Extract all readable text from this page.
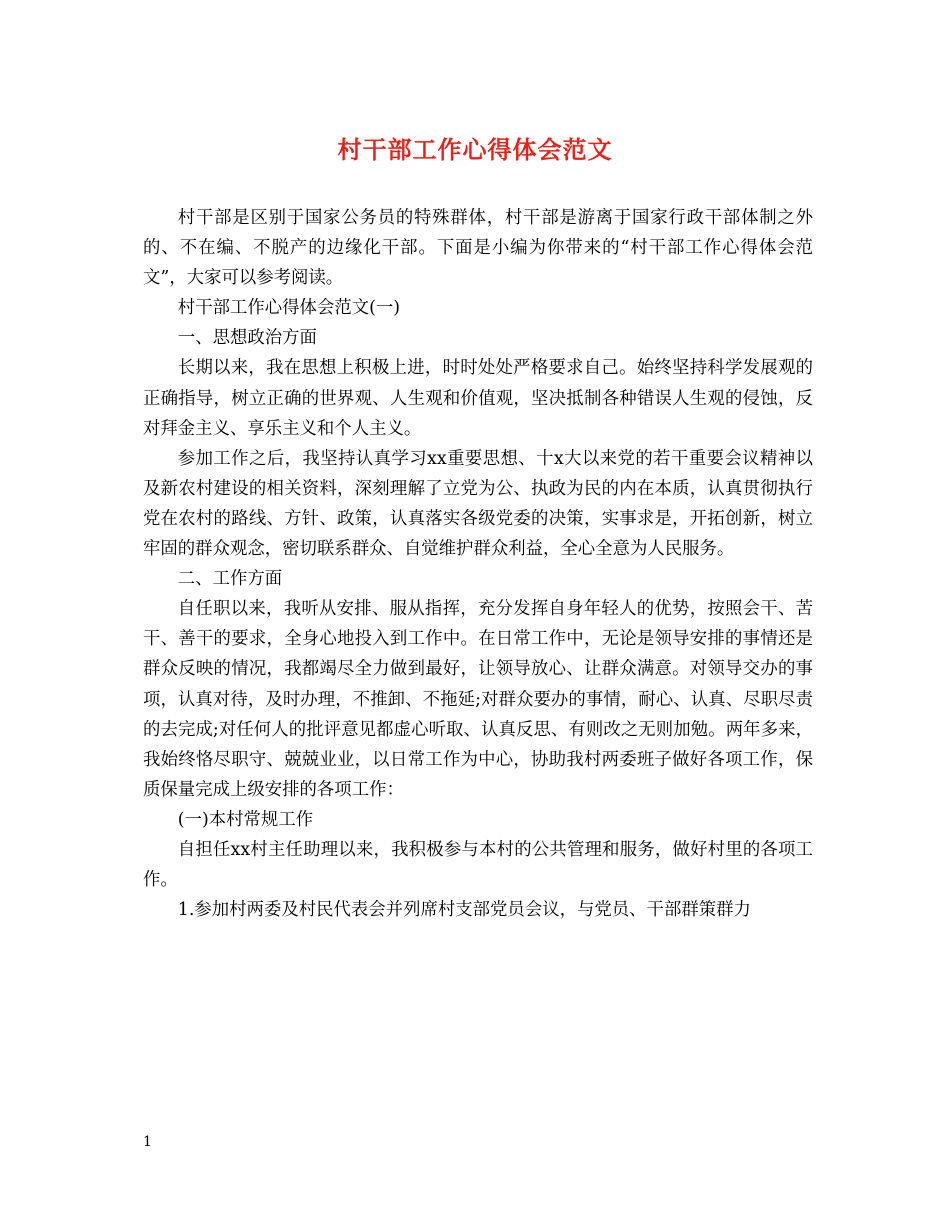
村干部工作心得体会范文

村干部是区别于国家公务员的特殊群体，村干部是游离于国家行政干部体制之外的、不在编、不脱产的边缘化干部。下面是小编为你带来的“村干部工作心得体会范文”，大家可以参考阅读。

村干部工作心得体会范文(一)

一、思想政治方面

长期以来，我在思想上积极上进，时时处处严格要求自己。始终坚持科学发展观的正确指导，树立正确的世界观、人生观和价值观，坚决抵制各种错误人生观的侵蚀，反对拜金主义、享乐主义和个人主义。

参加工作之后，我坚持认真学习xx重要思想、十x大以来党的若干重要会议精神以及新农村建设的相关资料，深刻理解了立党为公、执政为民的内在本质，认真贯彻执行党在农村的路线、方针、政策，认真落实各级党委的决策，实事求是，开拓创新，树立牢固的群众观念，密切联系群众、自觉维护群众利益，全心全意为人民服务。

二、工作方面

自任职以来，我听从安排、服从指挥，充分发挥自身年轻人的优势，按照会干、苦干、善干的要求，全身心地投入到工作中。在日常工作中，无论是领导安排的事情还是群众反映的情况，我都竭尽全力做到最好，让领导放心、让群众满意。对领导交办的事项，认真对待，及时办理，不推卸、不拖延;对群众要办的事情，耐心、认真、尽职尽责的去完成;对任何人的批评意见都虚心听取、认真反思、有则改之无则加勉。两年多来，我始终恪尽职守、兢兢业业，以日常工作为中心，协助我村两委班子做好各项工作，保质保量完成上级安排的各项工作：

(一)本村常规工作

自担任xx村主任助理以来，我积极参与本村的公共管理和服务，做好村里的各项工作。

1.参加村两委及村民代表会并列席村支部党员会议，与党员、干部群策群力

1
